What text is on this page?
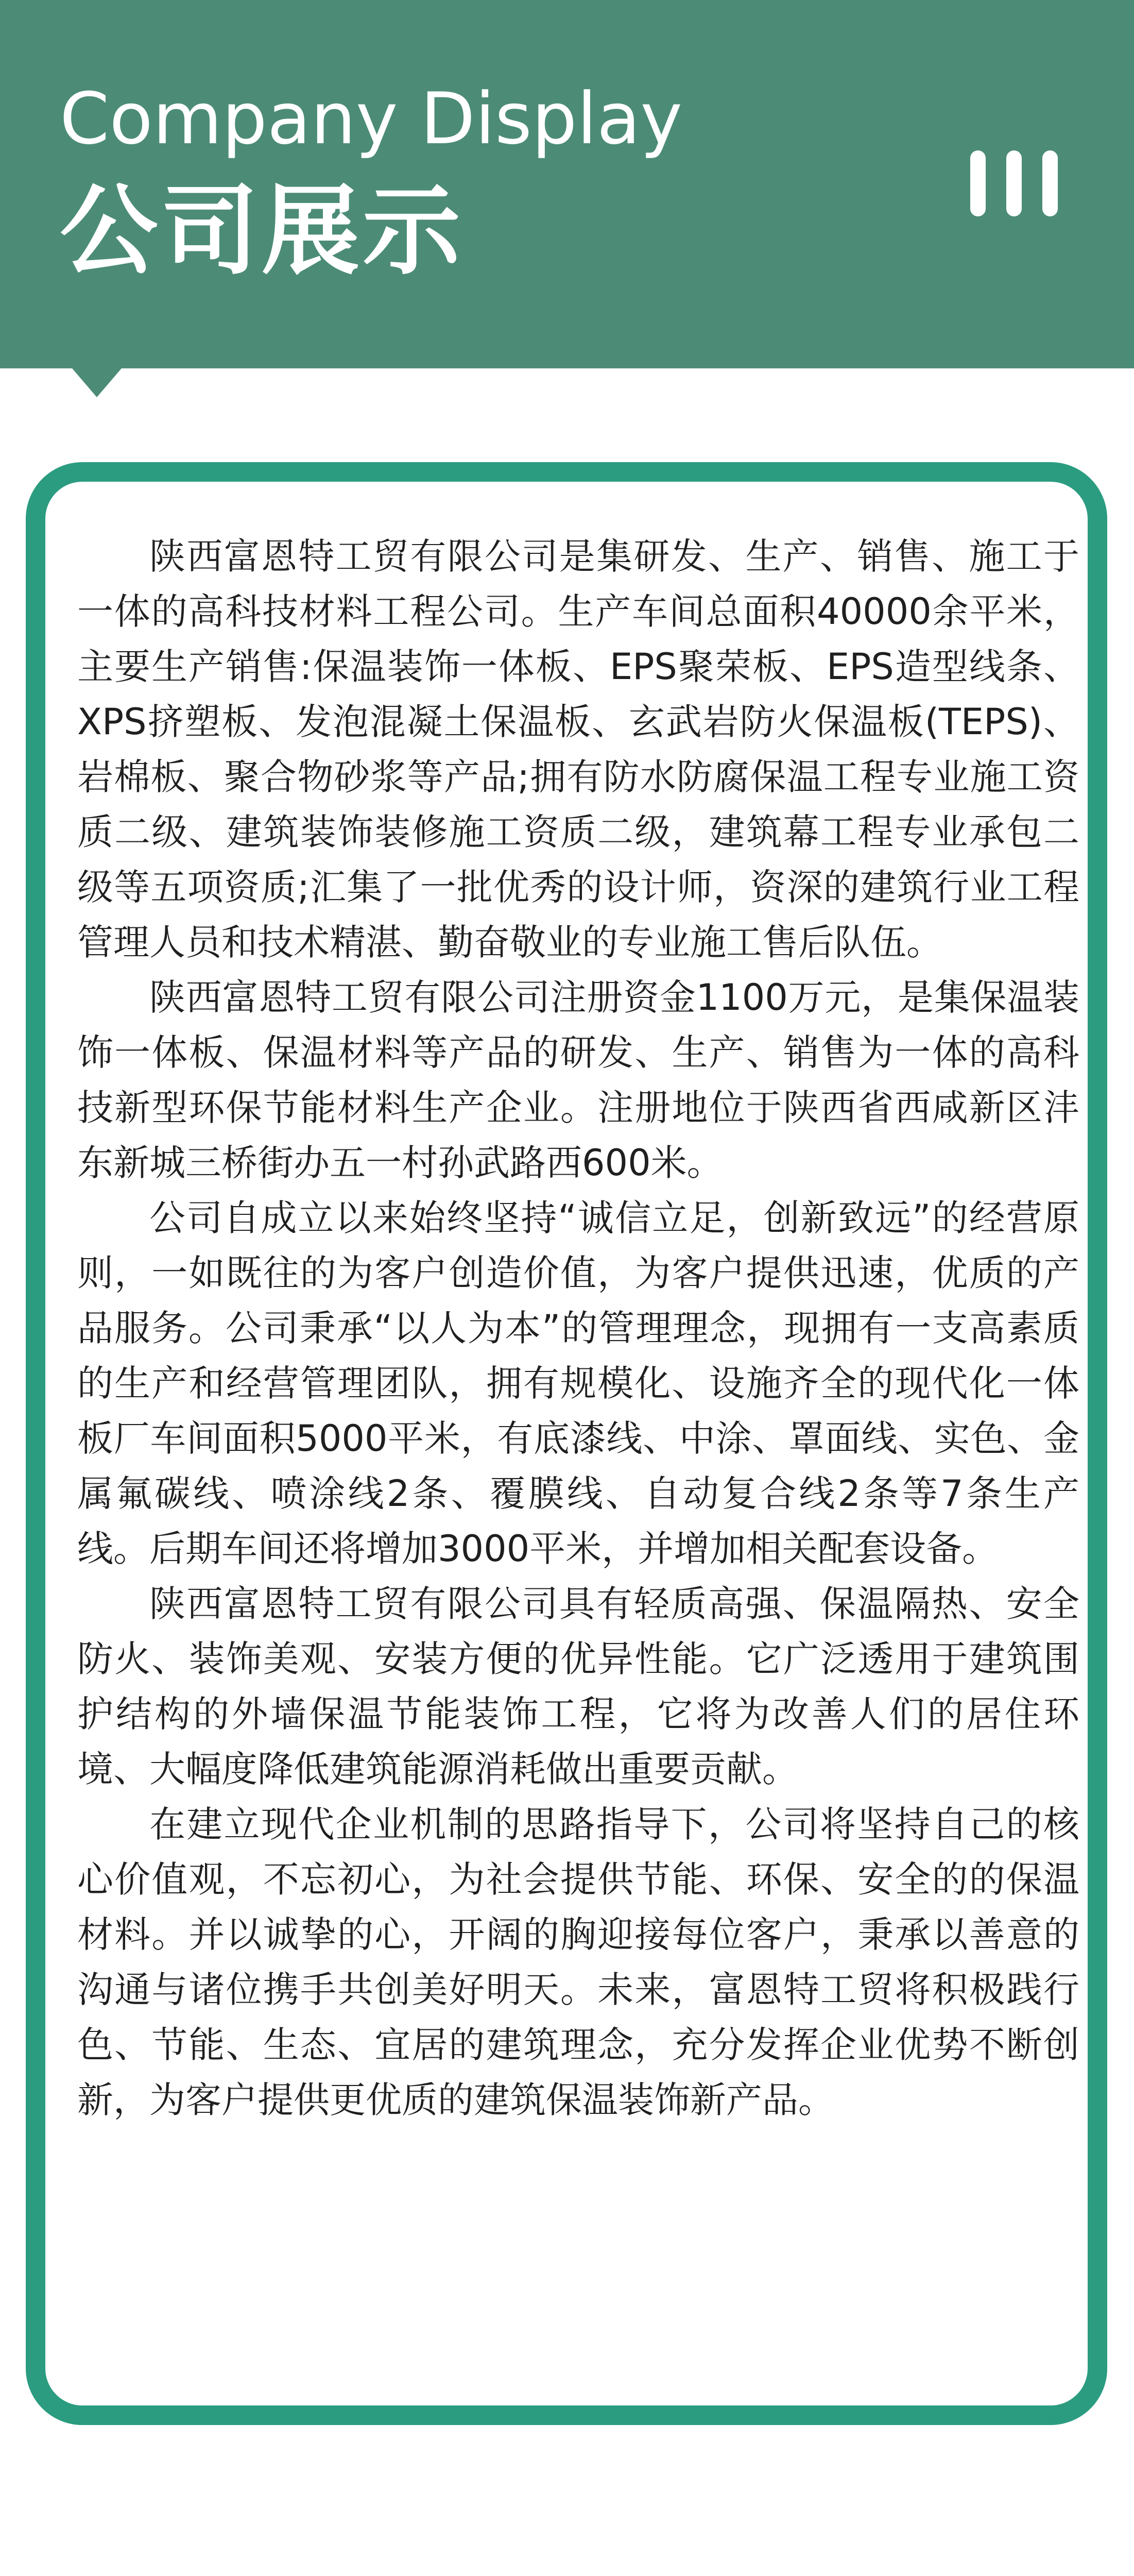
Company Display
公司展示

陕西富恩特工贸有限公司是集研发、生产、销售、施工于一体的高科技材料工程公司。生产车间总面积40000余平米，主要生产销售:保温装饰一体板、EPS聚荣板、EPS造型线条、XPS挤塑板、发泡混凝土保温板、玄武岩防火保温板(TEPS)、岩棉板、聚合物砂浆等产品;拥有防水防腐保温工程专业施工资质二级、建筑装饰装修施工资质二级，建筑幕工程专业承包二级等五项资质;汇集了一批优秀的设计师，资深的建筑行业工程管理人员和技术精湛、勤奋敬业的专业施工售后队伍。

陕西富恩特工贸有限公司注册资金1100万元，是集保温装饰一体板、保温材料等产品的研发、生产、销售为一体的高科技新型环保节能材料生产企业。注册地位于陕西省西咸新区沣东新城三桥街办五一村孙武路西600米。

公司自成立以来始终坚持“诚信立足，创新致远”的经营原则，一如既往的为客户创造价值，为客户提供迅速，优质的产品服务。公司秉承“以人为本”的管理理念，现拥有一支高素质的生产和经营管理团队，拥有规模化、设施齐全的现代化一体板厂车间面积5000平米，有底漆线、中涂、罩面线、实色、金属氟碳线、喷涂线2条、覆膜线、自动复合线2条等7条生产线。后期车间还将增加3000平米，并增加相关配套设备。

陕西富恩特工贸有限公司具有轻质高强、保温隔热、安全防火、装饰美观、安装方便的优异性能。它广泛透用于建筑围护结构的外墙保温节能装饰工程，它将为改善人们的居住环境、大幅度降低建筑能源消耗做出重要贡献。

在建立现代企业机制的思路指导下，公司将坚持自己的核心价值观，不忘初心，为社会提供节能、环保、安全的的保温材料。并以诚挚的心，开阔的胸迎接每位客户，秉承以善意的沟通与诸位携手共创美好明天。未来，富恩特工贸将积极践行色、节能、生态、宜居的建筑理念，充分发挥企业优势不断创新，为客户提供更优质的建筑保温装饰新产品。
